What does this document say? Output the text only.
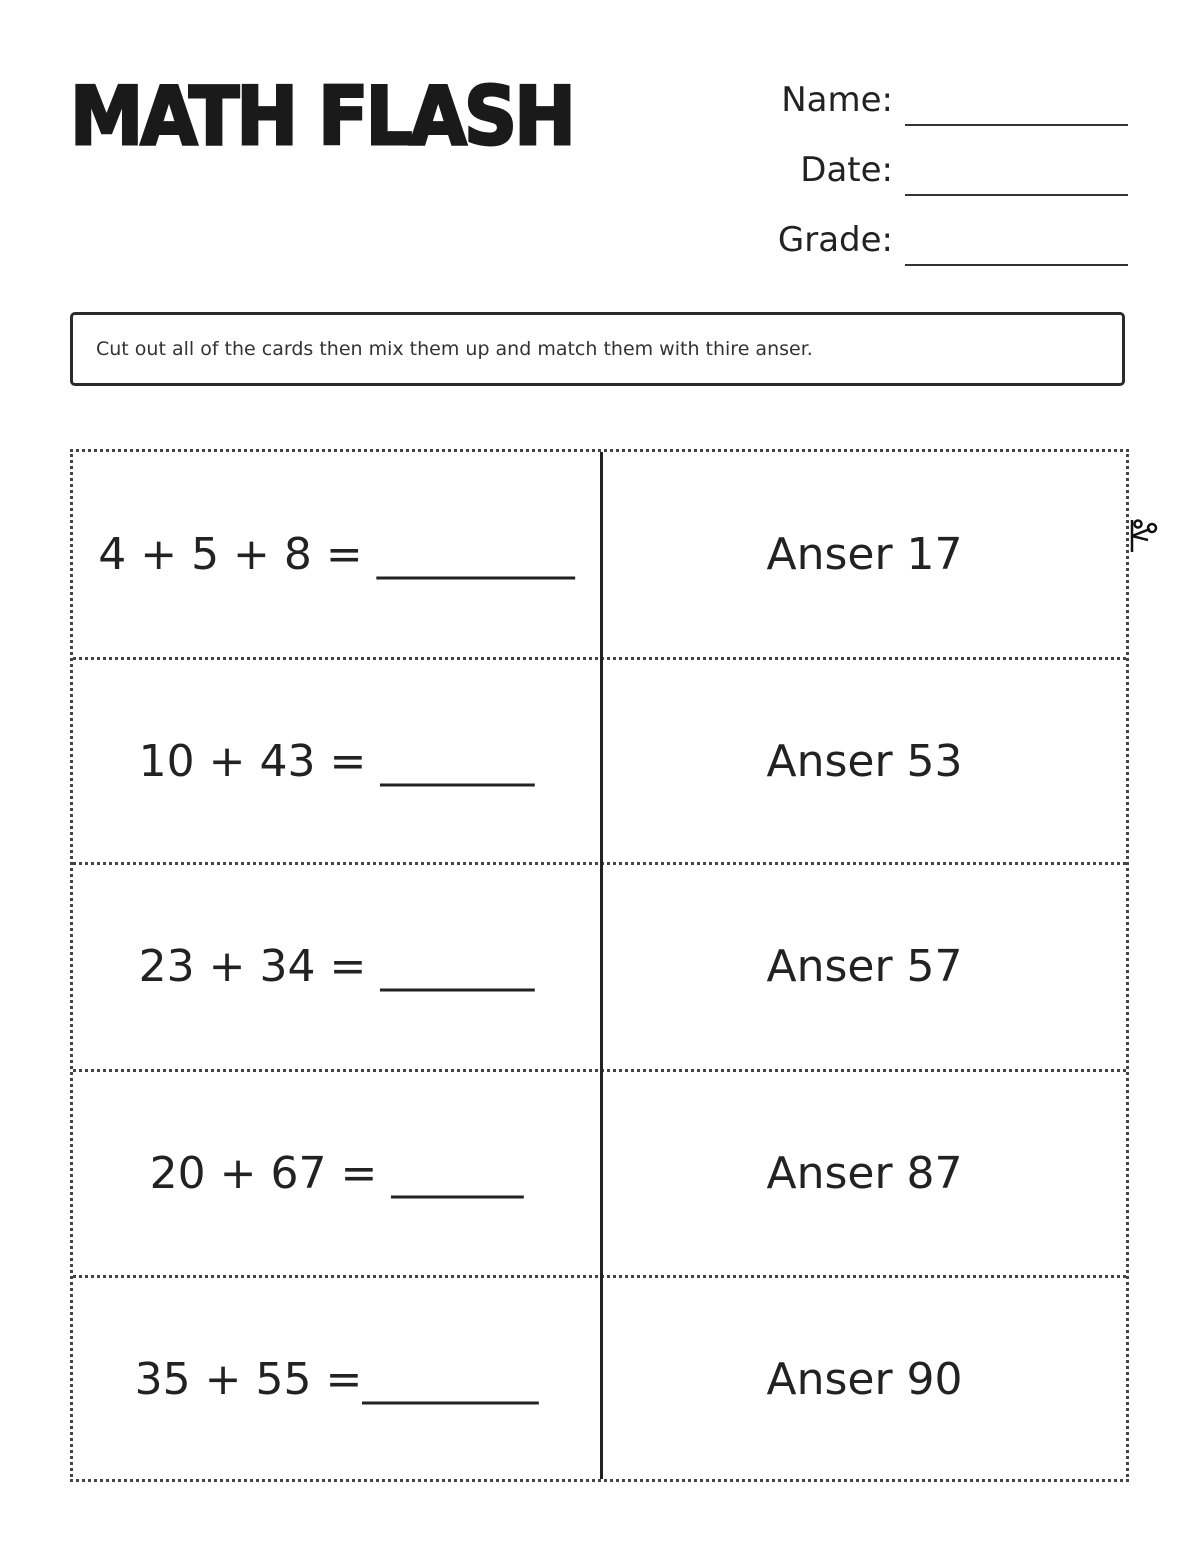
MATH FLASH	Name:
Date:
Grade:
Cut out all of the cards then mix them up and match them with thire anser.
4 + 5 + 8 = _________	Anser 17
10 + 43 = _______	Anser 53
23 + 34 = _______	Anser 57
20 + 67 = ______	Anser 87
35 + 55 =________	Anser 90
